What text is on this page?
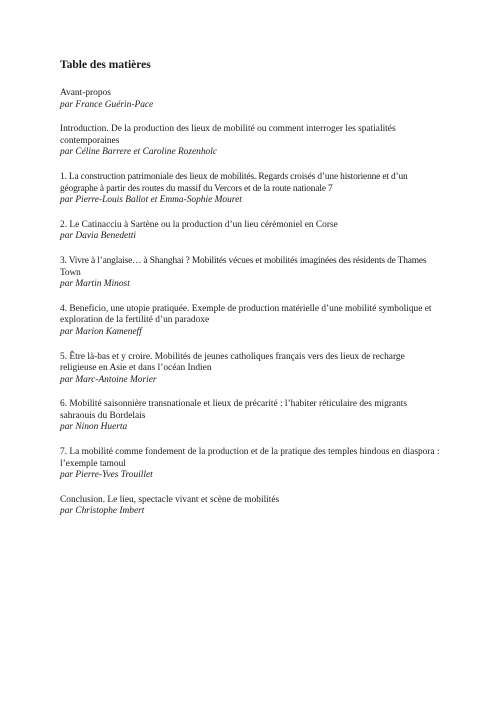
Table des matières

Avant-propos

par France Guérin-Pace

Introduction. De la production des lieux de mobilité ou comment interroger les spatialités contemporaines

par Céline Barrere et Caroline Rozenholc

1. La construction patrimoniale des lieux de mobilités. Regards croisés d’une historienne et d’un géographe à partir des routes du massif du Vercors et de la route nationale 7

par Pierre-Louis Ballot et Emma-Sophie Mouret

2. Le Catinacciu à Sartène ou la production d’un lieu cérémoniel en Corse

par Davia Benedetti

3. Vivre à l’anglaise… à Shanghai ? Mobilités vécues et mobilités imaginées des résidents de Thames Town

par Martin Minost

4. Beneficio, une utopie pratiquée. Exemple de production matérielle d’une mobilité symbolique et exploration de la fertilité d’un paradoxe

par Marion Kameneff

5. Être là-bas et y croire. Mobilités de jeunes catholiques français vers des lieux de recharge religieuse en Asie et dans l’océan Indien

par Marc-Antoine Morier

6. Mobilité saisonnière transnationale et lieux de précarité : l’habiter réticulaire des migrants sahraouis du Bordelais

par Ninon Huerta

7. La mobilité comme fondement de la production et de la pratique des temples hindous en diaspora : l’exemple tamoul

par Pierre-Yves Trouillet

Conclusion. Le lieu, spectacle vivant et scène de mobilités

par Christophe Imbert
